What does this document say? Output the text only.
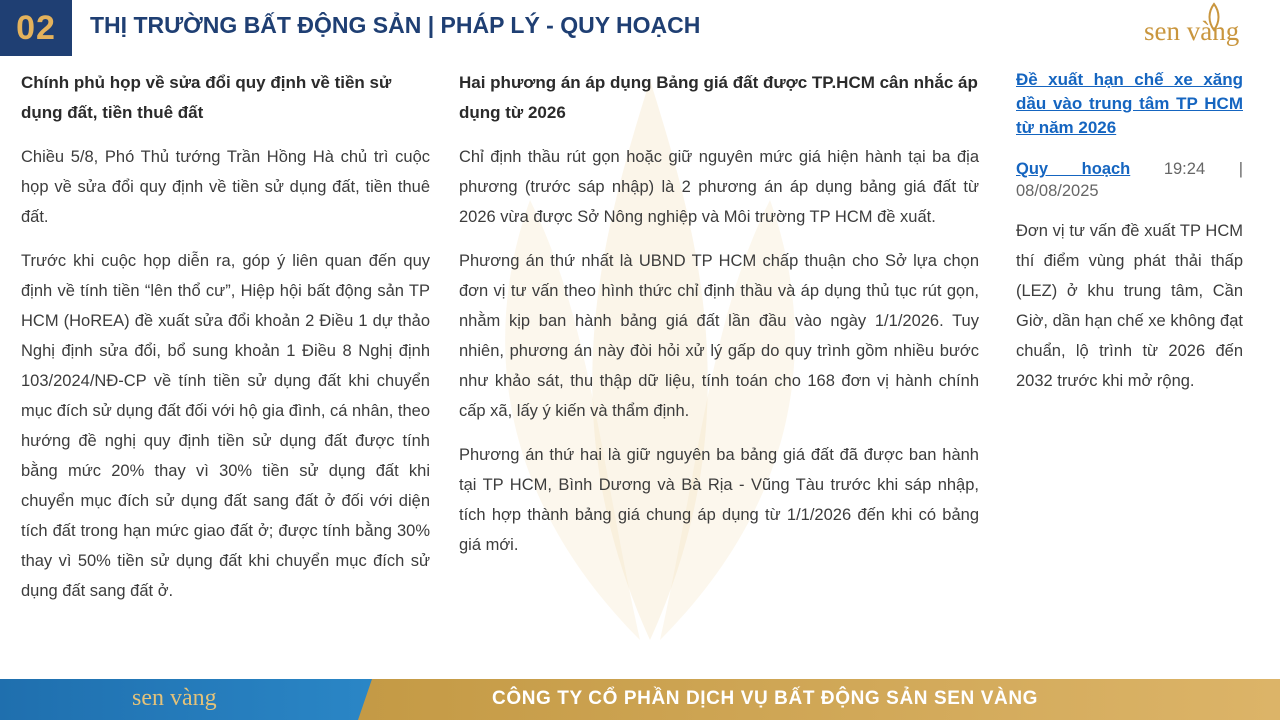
02	THỊ TRƯỜNG BẤT ĐỘNG SẢN | PHÁP LÝ - QUY HOẠCH	sen vàng
Chính phủ họp về sửa đổi quy định về tiền sử dụng đất, tiền thuê đất

Chiều 5/8, Phó Thủ tướng Trần Hồng Hà chủ trì cuộc họp về sửa đổi quy định về tiền sử dụng đất, tiền thuê đất.

Trước khi cuộc họp diễn ra, góp ý liên quan đến quy định về tính tiền “lên thổ cư”, Hiệp hội bất động sản TP HCM (HoREA) đề xuất sửa đổi khoản 2 Điều 1 dự thảo Nghị định sửa đổi, bổ sung khoản 1 Điều 8 Nghị định 103/2024/NĐ-CP về tính tiền sử dụng đất khi chuyển mục đích sử dụng đất đối với hộ gia đình, cá nhân, theo hướng đề nghị quy định tiền sử dụng đất được tính bằng mức 20% thay vì 30% tiền sử dụng đất khi chuyển mục đích sử dụng đất sang đất ở đối với diện tích đất trong hạn mức giao đất ở; được tính bằng 30% thay vì 50% tiền sử dụng đất khi chuyển mục đích sử dụng đất sang đất ở.

Hai phương án áp dụng Bảng giá đất được TP.HCM cân nhắc áp dụng từ 2026

Chỉ định thầu rút gọn hoặc giữ nguyên mức giá hiện hành tại ba địa phương (trước sáp nhập) là 2 phương án áp dụng bảng giá đất từ 2026 vừa được Sở Nông nghiệp và Môi trường TP HCM đề xuất.

Phương án thứ nhất là UBND TP HCM chấp thuận cho Sở lựa chọn đơn vị tư vấn theo hình thức chỉ định thầu và áp dụng thủ tục rút gọn, nhằm kịp ban hành bảng giá đất lần đầu vào ngày 1/1/2026. Tuy nhiên, phương án này đòi hỏi xử lý gấp do quy trình gồm nhiều bước như khảo sát, thu thập dữ liệu, tính toán cho 168 đơn vị hành chính cấp xã, lấy ý kiến và thẩm định.

Phương án thứ hai là giữ nguyên ba bảng giá đất đã được ban hành tại TP HCM, Bình Dương và Bà Rịa - Vũng Tàu trước khi sáp nhập, tích hợp thành bảng giá chung áp dụng từ 1/1/2026 đến khi có bảng giá mới.

Đề xuất hạn chế xe xăng dầu vào trung tâm TP HCM từ năm 2026
Quy hoạch 19:24 |
08/08/2025

Đơn vị tư vấn đề xuất TP HCM thí điểm vùng phát thải thấp (LEZ) ở khu trung tâm, Cần Giờ, dần hạn chế xe không đạt chuẩn, lộ trình từ 2026 đến 2032 trước khi mở rộng.

sen vàng	CÔNG TY CỔ PHẦN DỊCH VỤ BẤT ĐỘNG SẢN SEN VÀNG
